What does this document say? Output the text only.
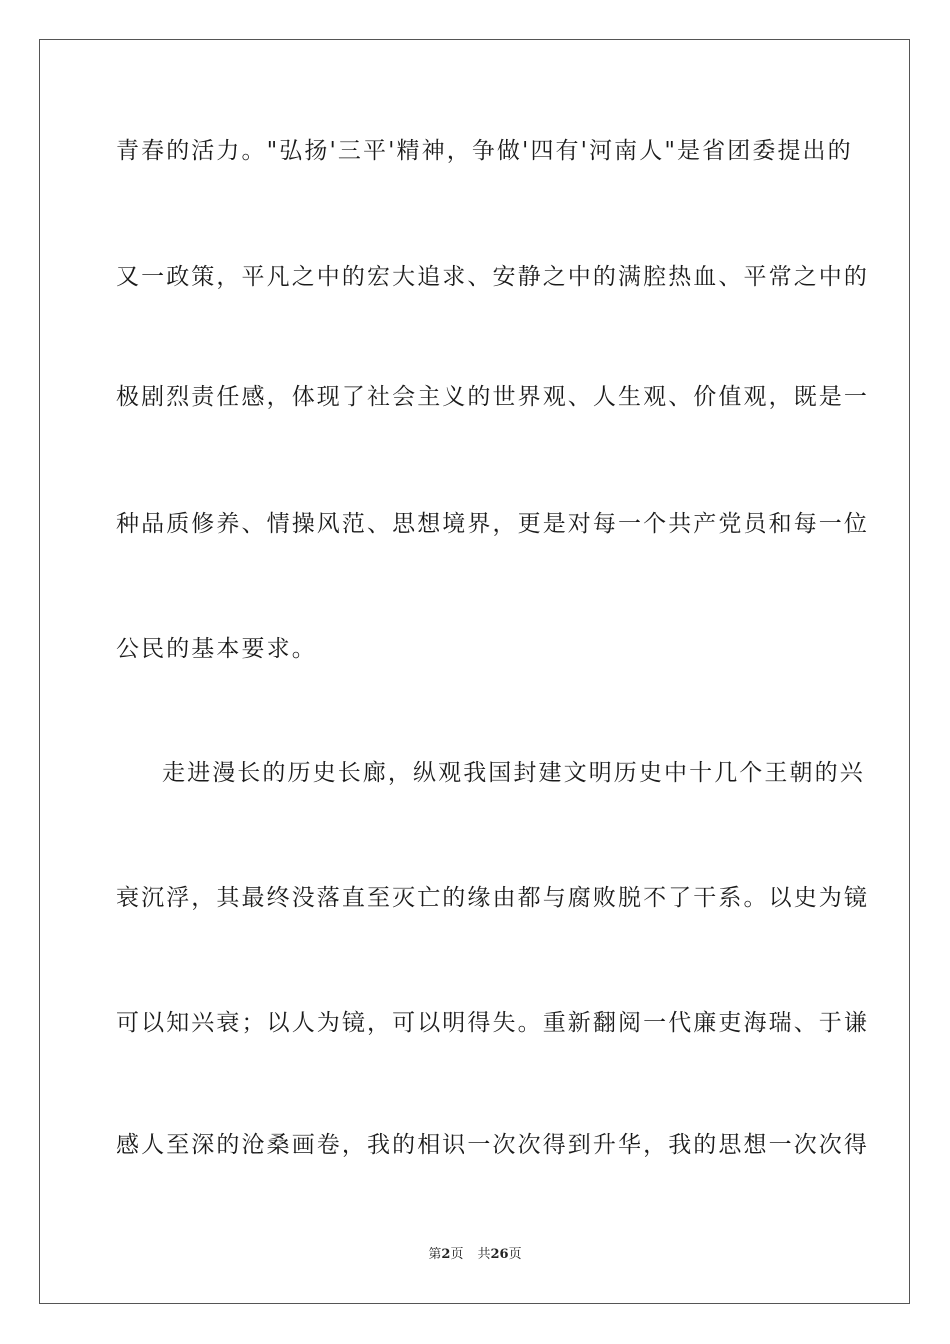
青春的活力。"弘扬'三平'精神，争做'四有'河南人"是省团委提出的
又一政策，平凡之中的宏大追求、安静之中的满腔热血、平常之中的
极剧烈责任感，体现了社会主义的世界观、人生观、价值观，既是一
种品质修养、情操风范、思想境界，更是对每一个共产党员和每一位
公民的基本要求。
走进漫长的历史长廊，纵观我国封建文明历史中十几个王朝的兴
衰沉浮，其最终没落直至灭亡的缘由都与腐败脱不了干系。以史为镜
可以知兴衰；以人为镜，可以明得失。重新翻阅一代廉吏海瑞、于谦
感人至深的沧桑画卷，我的相识一次次得到升华，我的思想一次次得
第2页 共26页
